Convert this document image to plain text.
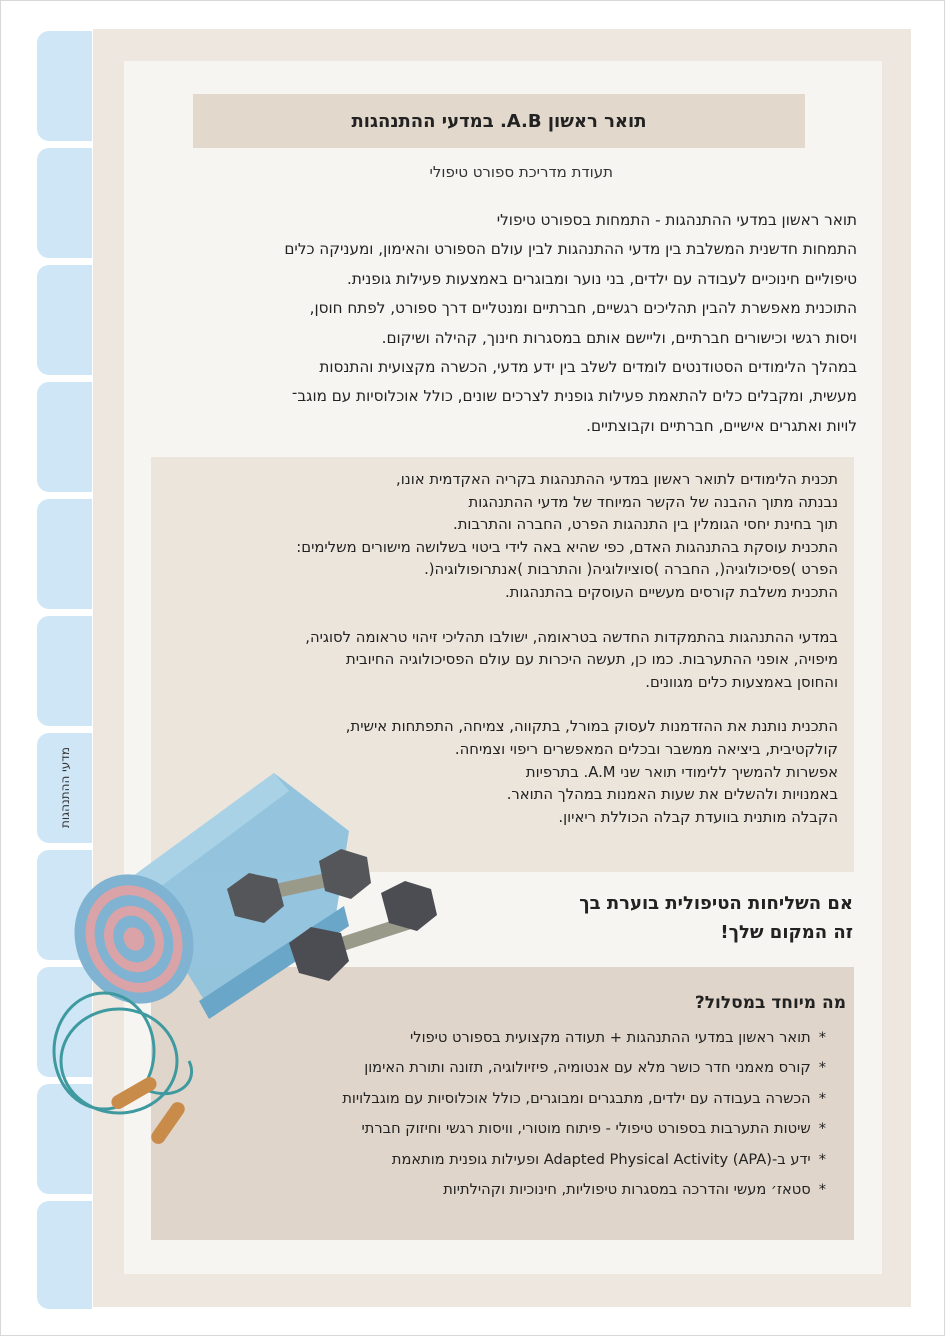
מדעי ההתנהגות
תואר ראשון A.B. במדעי ההתנהגות
תעודת מדריכת ספורט טיפולי
תואר ראשון במדעי ההתנהגות - התמחות בספורט טיפולי
התמחות חדשנית המשלבת בין מדעי ההתנהגות לבין עולם הספורט והאימון, ומעניקה כלים
טיפוליים חינוכיים לעבודה עם ילדים, בני נוער ומבוגרים באמצעות פעילות גופנית.
התוכנית מאפשרת להבין תהליכים רגשיים, חברתיים ומנטליים דרך ספורט, לפתח חוסן,
ויסות רגשי וכישורים חברתיים, וליישם אותם במסגרות חינוך, קהילה ושיקום.
במהלך הלימודים הסטודנטים לומדים לשלב בין ידע מדעי, הכשרה מקצועית והתנסות
מעשית, ומקבלים כלים להתאמת פעילות גופנית לצרכים שונים, כולל אוכלוסיות עם מוגב־
לויות ואתגרים אישיים, חברתיים וקבוצתיים.

תכנית הלימודים לתואר ראשון במדעי ההתנהגות בקריה האקדמית אונו,
נבנתה מתוך ההבנה של הקשר המיוחד של מדעי ההתנהגות
תוך בחינת יחסי הגומלין בין התנהגות הפרט, החברה והתרבות.
התכנית עוסקת בהתנהגות האדם, כפי שהיא באה לידי ביטוי בשלושה מישורים משלימים:
הפרט )פסיכולוגיה(, החברה )סוציולוגיה( והתרבות )אנתרופולוגיה(.
התכנית משלבת קורסים מעשיים העוסקים בהתנהגות.

במדעי ההתנהגות בהתמקדות החדשה בטראומה, ישולבו תהליכי זיהוי טראומה לסוגיה,
מיפויה, אופני ההתערבות. כמו כן, תעשה היכרות עם עולם הפסיכולוגיה החיובית
והחוסן באמצעות כלים מגוונים.

התכנית נותנת את ההזדמנות לעסוק במורל, בתקווה, צמיחה, התפתחות אישית,
קולקטיבית, ביציאה ממשבר ובכלים המאפשרים ריפוי וצמיחה.
אפשרות להמשיך ללימודי תואר שני A.M. בתרפיות
באמנויות ולהשלים את שעות האמנות במהלך התואר.
הקבלה מותנית בוועדת קבלה הכוללת ריאיון.

אם השליחות הטיפולית בוערת בך
זה המקום שלך!
מה מיוחד במסלול?
*תואר ראשון במדעי ההתנהגות + תעודה מקצועית בספורט טיפולי
*קורס מאמני חדר כושר מלא עם אנטומיה, פיזיולוגיה, תזונה ותורת האימון
*הכשרה בעבודה עם ילדים, מתבגרים ומבוגרים, כולל אוכלוסיות עם מוגבלויות
*שיטות התערבות בספורט טיפולי - פיתוח מוטורי, וויסות רגשי וחיזוק חברתי
*ידע ב-(Adapted Physical Activity (APA ופעילות גופנית מותאמת
*סטאז׳ מעשי והדרכה במסגרות טיפוליות, חינוכיות וקהילתיות
